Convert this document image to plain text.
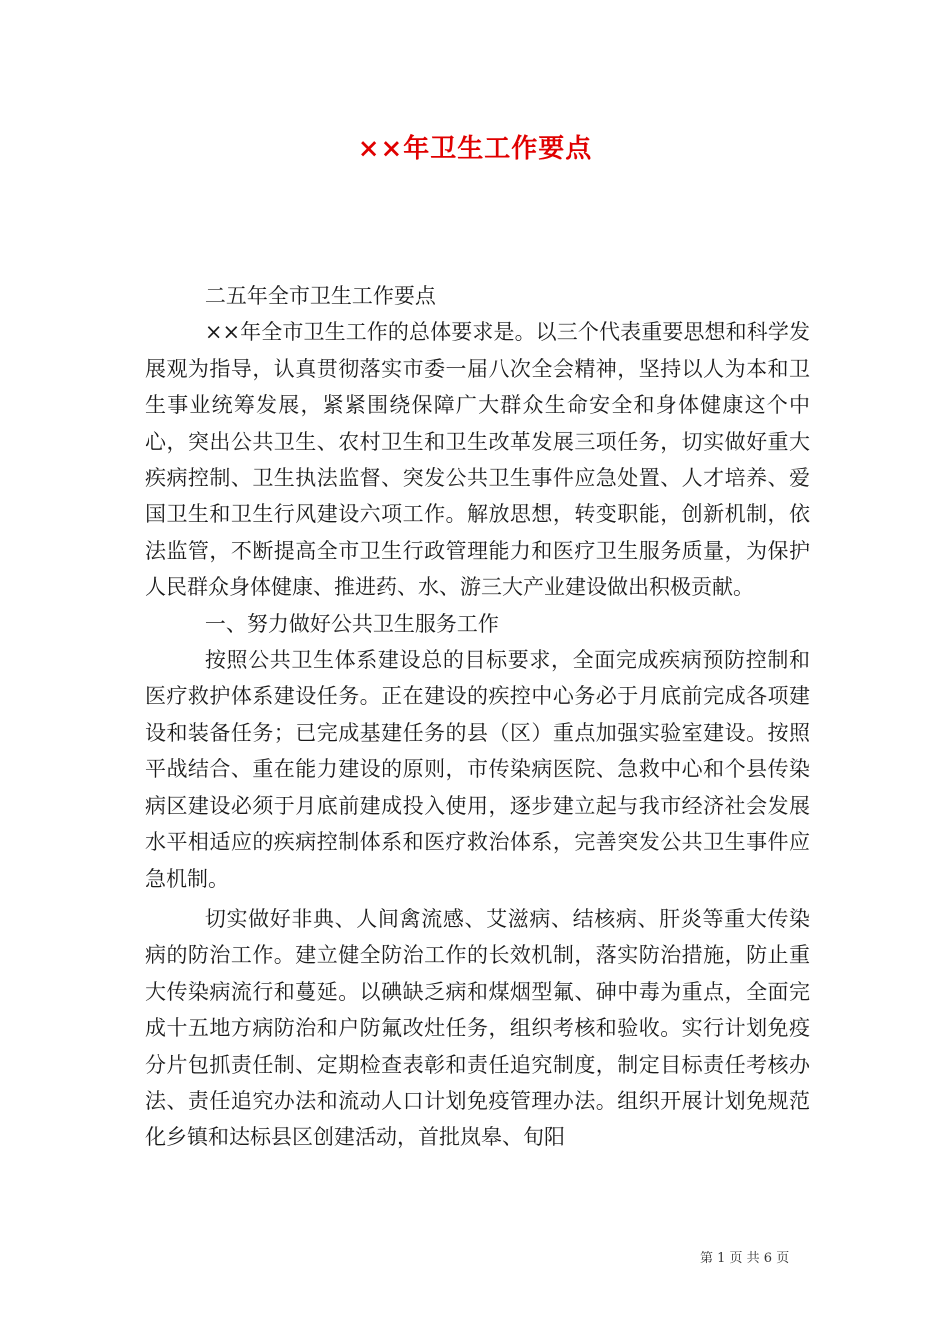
××年卫生工作要点

二五年全市卫生工作要点

××年全市卫生工作的总体要求是。以三个代表重要思想和科学发展观为指导，认真贯彻落实市委一届八次全会精神，坚持以人为本和卫生事业统筹发展，紧紧围绕保障广大群众生命安全和身体健康这个中心，突出公共卫生、农村卫生和卫生改革发展三项任务，切实做好重大疾病控制、卫生执法监督、突发公共卫生事件应急处置、人才培养、爱国卫生和卫生行风建设六项工作。解放思想，转变职能，创新机制，依法监管，不断提高全市卫生行政管理能力和医疗卫生服务质量，为保护人民群众身体健康、推进药、水、游三大产业建设做出积极贡献。

一、努力做好公共卫生服务工作

按照公共卫生体系建设总的目标要求，全面完成疾病预防控制和医疗救护体系建设任务。正在建设的疾控中心务必于月底前完成各项建设和装备任务；已完成基建任务的县（区）重点加强实验室建设。按照平战结合、重在能力建设的原则，市传染病医院、急救中心和个县传染病区建设必须于月底前建成投入使用，逐步建立起与我市经济社会发展水平相适应的疾病控制体系和医疗救治体系，完善突发公共卫生事件应急机制。

切实做好非典、人间禽流感、艾滋病、结核病、肝炎等重大传染病的防治工作。建立健全防治工作的长效机制，落实防治措施，防止重大传染病流行和蔓延。以碘缺乏病和煤烟型氟、砷中毒为重点，全面完成十五地方病防治和户防氟改灶任务，组织考核和验收。实行计划免疫分片包抓责任制、定期检查表彰和责任追究制度，制定目标责任考核办法、责任追究办法和流动人口计划免疫管理办法。组织开展计划免规范化乡镇和达标县区创建活动，首批岚皋、旬阳

第 1 页 共 6 页
